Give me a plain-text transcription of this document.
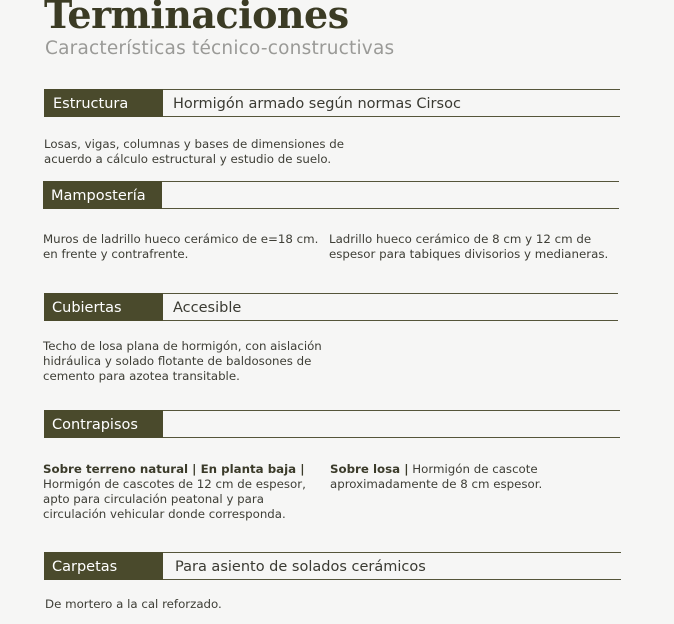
Terminaciones
Características técnico-constructivas
Estructura	Hormigón armado según normas Cirsoc
Losas, vigas, columnas y bases de dimensiones de
acuerdo a cálculo estructural y estudio de suelo.
Mampostería
Muros de ladrillo hueco cerámico de e=18 cm.
en frente y contrafrente.
Ladrillo hueco cerámico de 8 cm y 12 cm de
espesor para tabiques divisorios y medianeras.
Cubiertas	Accesible
Techo de losa plana de hormigón, con aislación
hidráulica y solado flotante de baldosones de
cemento para azotea transitable.
Contrapisos
Sobre terreno natural | En planta baja |
Hormigón de cascotes de 12 cm de espesor,
apto para circulación peatonal y para
circulación vehicular donde corresponda.
Sobre losa | Hormigón de cascote
aproximadamente de 8 cm espesor.
Carpetas	Para asiento de solados cerámicos
De mortero a la cal reforzado.
